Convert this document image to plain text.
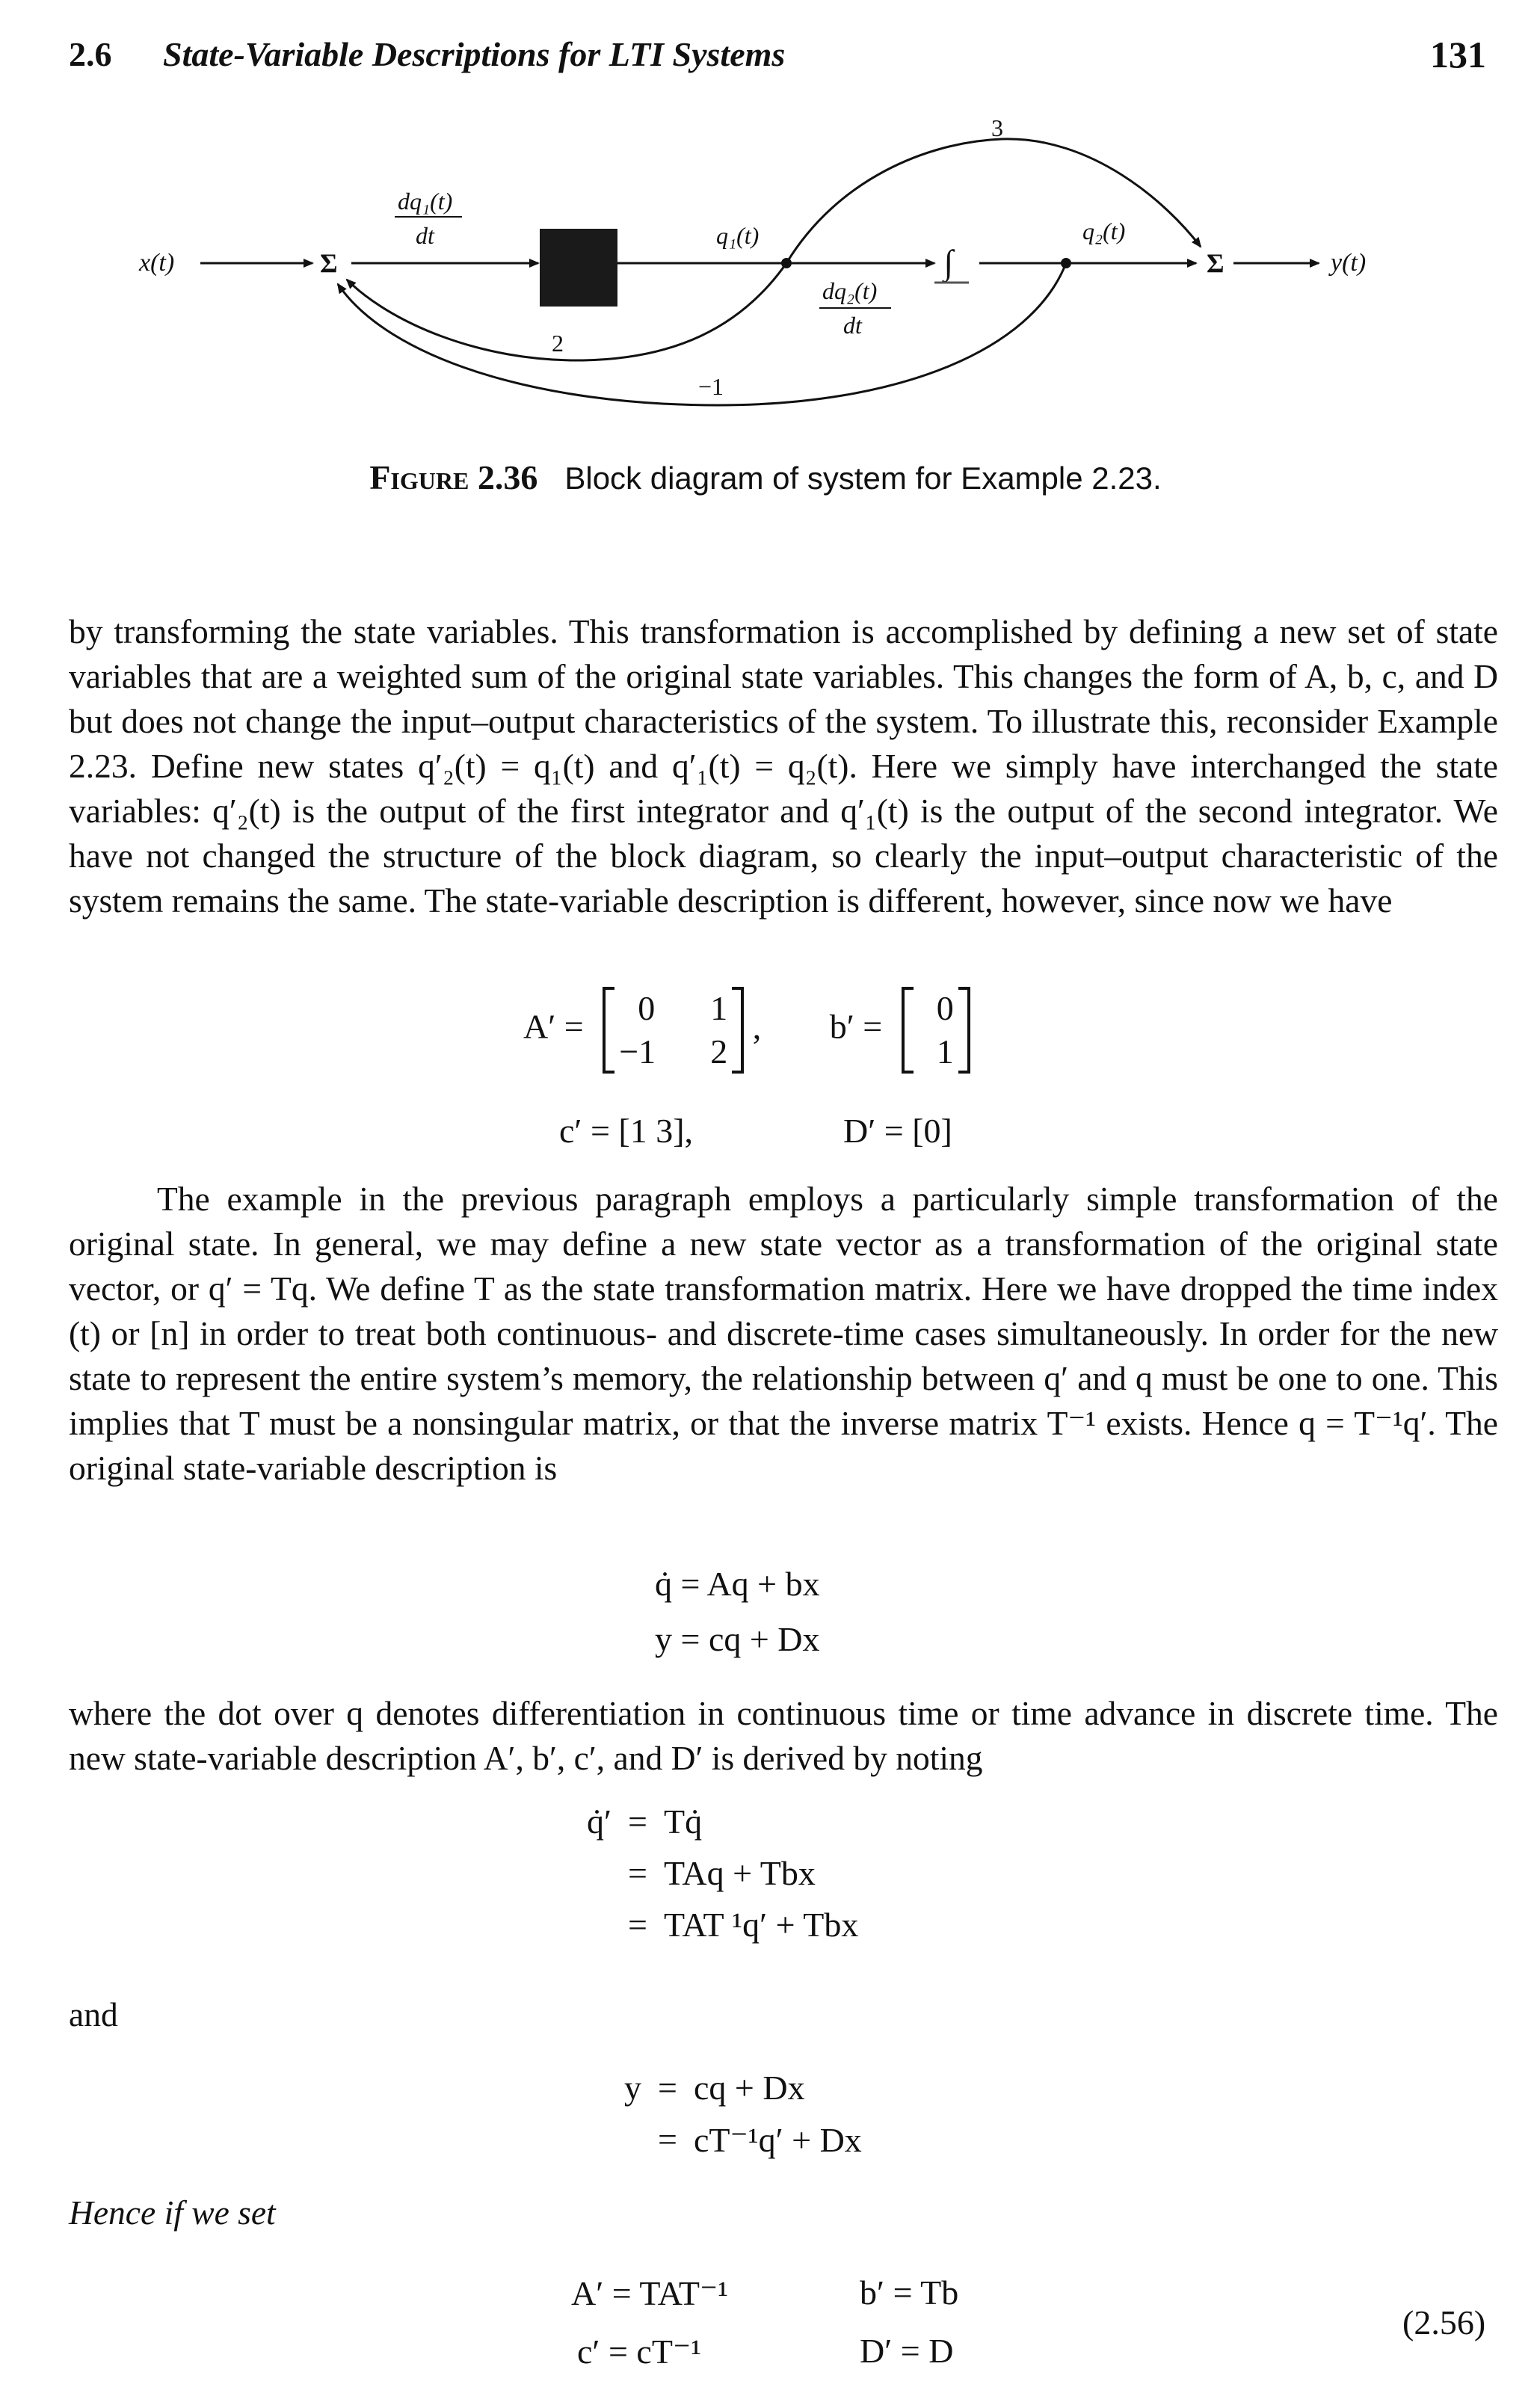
2.6 State-Variable Descriptions for LTI Systems	131
x(t)	Σ
dq₁(t)
dt	q₁(t)
dq₂(t)
dt
∫
q₂(t)
Σ	y(t)
3
2
−1
Figure 2.36 Block diagram of system for Example 2.23.
by transforming the state variables. This transformation is accomplished by defining a new set of state variables that are a weighted sum of the original state variables. This changes the form of A, b, c, and D but does not change the input–output characteristics of the system. To illustrate this, reconsider Example 2.23. Define new states q′₂(t) = q₁(t) and q′₁(t) = q₂(t). Here we simply have interchanged the state variables: q′₂(t) is the output of the first integrator and q′₁(t) is the output of the second integrator. We have not changed the structure of the block diagram, so clearly the input–output characteristic of the system remains the same. The state-variable description is different, however, since now we have
A′ =	0	1
−1	2
, b′ =	0
1
c′ = [1 3],	D′ = [0]
The example in the previous paragraph employs a particularly simple transformation of the original state. In general, we may define a new state vector as a transformation of the original state vector, or q′ = Tq. We define T as the state transformation matrix. Here we have dropped the time index (t) or [n] in order to treat both continuous- and discrete-time cases simultaneously. In order for the new state to represent the entire system’s memory, the relationship between q′ and q must be one to one. This implies that T must be a nonsingular matrix, or that the inverse matrix T⁻¹ exists. Hence q = T⁻¹q′. The original state-variable description is
q̇ = Aq + bx
y = cq + Dx
where the dot over q denotes differentiation in continuous time or time advance in discrete time. The new state-variable description A′, b′, c′, and D′ is derived by noting
q̇′ = Tq̇
= TAq + Tbx
= TAT ¹q′ + Tbx
and
y = cq + Dx
= cT⁻¹q′ + Dx
Hence if we set
A′ = TAT⁻¹	b′ = Tb
c′ = cT⁻¹	D′ = D
(2.56)
